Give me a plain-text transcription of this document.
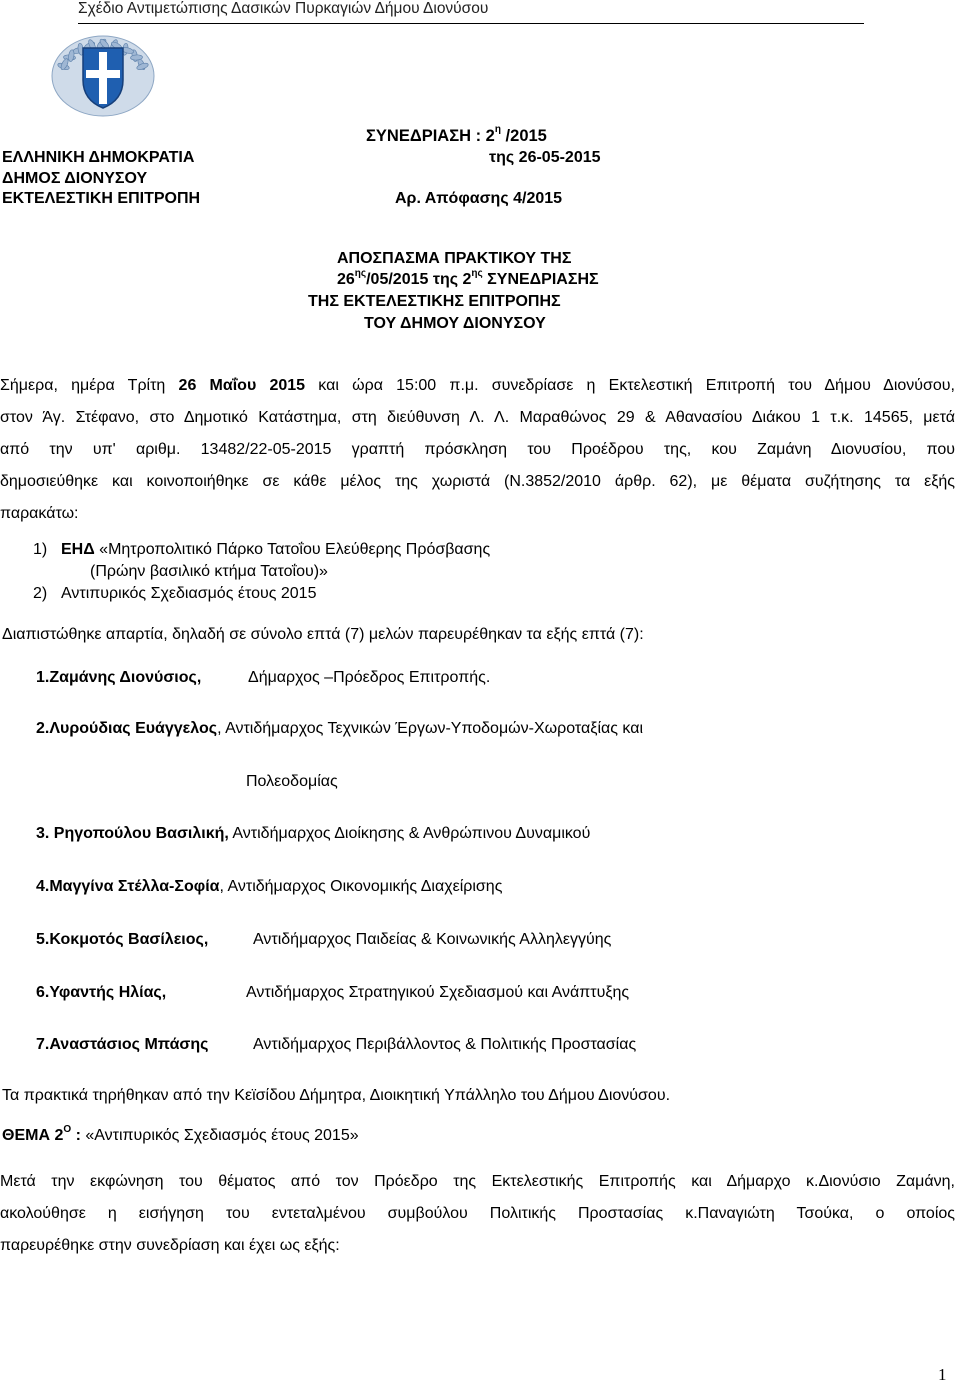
Σχέδιο Αντιμετώπισης Δασικών Πυρκαγιών Δήμου Διονύσου
ΕΛΛΗΝΙΚΗ ΔΗΜΟΚΡΑΤΙΑ
ΔΗΜΟΣ ΔΙΟΝΥΣΟΥ
ΕΚΤΕΛΕΣΤΙΚΗ ΕΠΙΤΡΟΠΗ
ΣΥΝΕΔΡΙΑΣΗ : $2^\eta$ /2015
της 26-05-2015
Αρ. Απόφασης 4/2015
ΑΠΟΣΠΑΣΜΑ ΠΡΑΚΤΙΚΟΥ ΤΗΣ
$26^{\eta\varsigma}/05/2015$ της $2^{\eta\varsigma}$ ΣΥΝΕΔΡΙΑΣΗΣ
ΤΗΣ ΕΚΤΕΛΕΣΤΙΚΗΣ ΕΠΙΤΡΟΠΗΣ
ΤΟΥ ΔΗΜΟΥ ΔΙΟΝΥΣΟΥ
Σήμερα, ημέρα Τρίτη 26 Μαΐου 2015 και ώρα 15:00 π.μ. συνεδρίασε η Εκτελεστική Επιτροπή του Δήμου Διονύσου,
στον Άγ. Στέφανο, στο Δημοτικό Κατάστημα, στη διεύθυνση Λ. Λ. Μαραθώνος 29 & Αθανασίου Διάκου 1 τ.κ. 14565, μετά
από την υπ' αριθμ. 13482/22-05-2015 γραπτή πρόσκληση του Προέδρου της, κου Ζαμάνη Διονυσίου, που
δημοσιεύθηκε και κοινοποιήθηκε σε κάθε μέλος της χωριστά (Ν.3852/2010 άρθρ. 62), με θέματα συζήτησης τα εξής
παρακάτω:
1) ΕΗΔ «Μητροπολιτικό Πάρκο Τατοΐου Ελεύθερης Πρόσβασης
(Πρώην βασιλικό κτήμα Τατοΐου)»
2) Αντιπυρικός Σχεδιασμός έτους 2015
Διαπιστώθηκε απαρτία, δηλαδή σε σύνολο επτά (7) μελών παρευρέθηκαν τα εξής επτά (7):
1.Ζαμάνης Διονύσιος,	Δήμαρχος –Πρόεδρος Επιτροπής.
2.Λυρούδιας Ευάγγελος, Αντιδήμαρχος Τεχνικών Έργων-Υποδομών-Χωροταξίας και
Πολεοδομίας
3. Ρηγοπούλου Βασιλική, Αντιδήμαρχος Διοίκησης & Ανθρώπινου Δυναμικού
4.Μαγγίνα Στέλλα-Σοφία, Αντιδήμαρχος Οικονομικής Διαχείρισης
5.Κοκμοτός Βασίλειος,	Αντιδήμαρχος Παιδείας & Κοινωνικής Αλληλεγγύης
6.Υφαντής Ηλίας,	Αντιδήμαρχος Στρατηγικού Σχεδιασμού και Ανάπτυξης
7.Αναστάσιος Μπάσης	Αντιδήμαρχος Περιβάλλοντος & Πολιτικής Προστασίας
Τα πρακτικά τηρήθηκαν από την Κεϊσίδου Δήμητρα, Διοικητική Υπάλληλο του Δήμου Διονύσου.
ΘΕΜΑ $2^O$ : «Αντιπυρικός Σχεδιασμός έτους 2015»
Μετά την εκφώνηση του θέματος από τον Πρόεδρο της Εκτελεστικής Επιτροπής και Δήμαρχο κ.Διονύσιο Ζαμάνη,
ακολούθησε η εισήγηση του εντεταλμένου συμβούλου Πολιτικής Προστασίας κ.Παναγιώτη Τσούκα, ο οποίος
παρευρέθηκε στην συνεδρίαση και έχει ως εξής:
1
